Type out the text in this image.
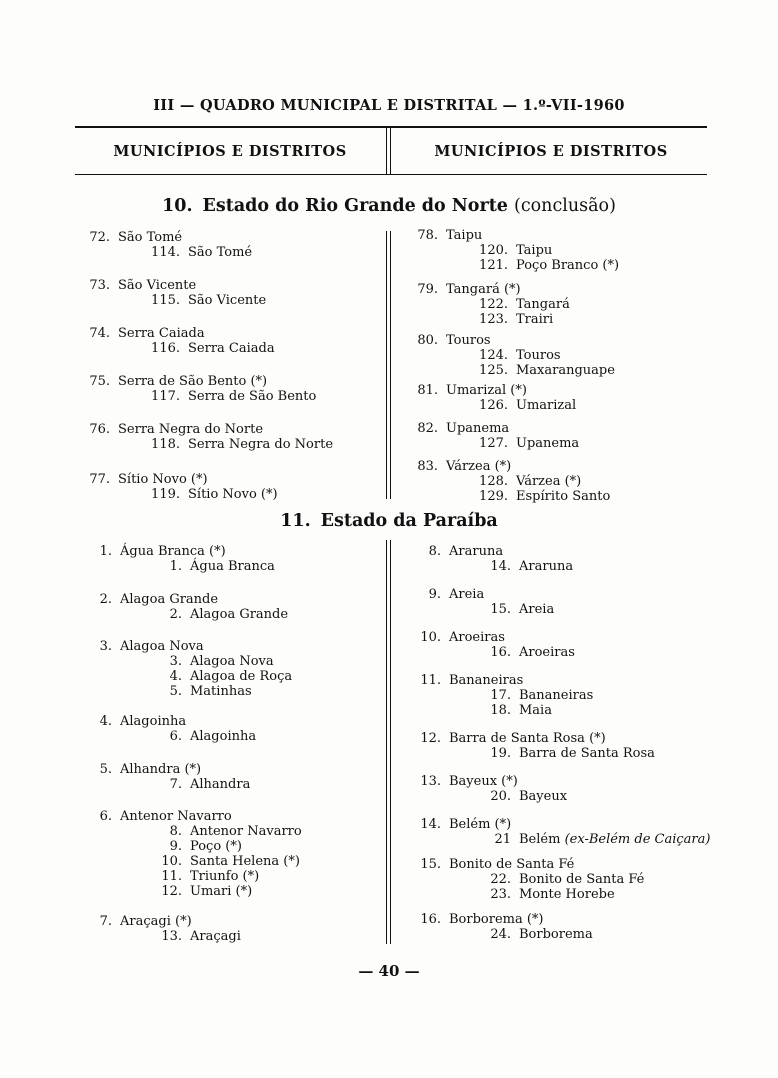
III — QUADRO MUNICIPAL E DISTRITAL — 1.º-VII-1960
MUNICÍPIOS E DISTRITOS	MUNICÍPIOS E DISTRITOS
10. Estado do Rio Grande do Norte (conclusão)
72. São Tomé
114. São Tomé
73. São Vicente
115. São Vicente
74. Serra Caiada
116. Serra Caiada
75. Serra de São Bento (*)
117. Serra de São Bento
76. Serra Negra do Norte
118. Serra Negra do Norte
77. Sítio Novo (*)
119. Sítio Novo (*)
78. Taipu
120. Taipu
121. Poço Branco (*)
79. Tangará (*)
122. Tangará
123. Trairi
80. Touros
124. Touros
125. Maxaranguape
81. Umarizal (*)
126. Umarizal
82. Upanema
127. Upanema
83. Várzea (*)
128. Várzea (*)
129. Espírito Santo
11. Estado da Paraíba
1. Água Branca (*)
1. Água Branca
2. Alagoa Grande
2. Alagoa Grande
3. Alagoa Nova
3. Alagoa Nova
4. Alagoa de Roça
5. Matinhas
4. Alagoinha
6. Alagoinha
5. Alhandra (*)
7. Alhandra
6. Antenor Navarro
8. Antenor Navarro
9. Poço (*)
10. Santa Helena (*)
11. Triunfo (*)
12. Umari (*)
7. Araçagi (*)
13. Araçagi
8. Araruna
14. Araruna
9. Areia
15. Areia
10. Aroeiras
16. Aroeiras
11. Bananeiras
17. Bananeiras
18. Maia
12. Barra de Santa Rosa (*)
19. Barra de Santa Rosa
13. Bayeux (*)
20. Bayeux
14. Belém (*)
21 Belém (ex-Belém de Caiçara)
15. Bonito de Santa Fé
22. Bonito de Santa Fé
23. Monte Horebe
16. Borborema (*)
24. Borborema
— 40 —
